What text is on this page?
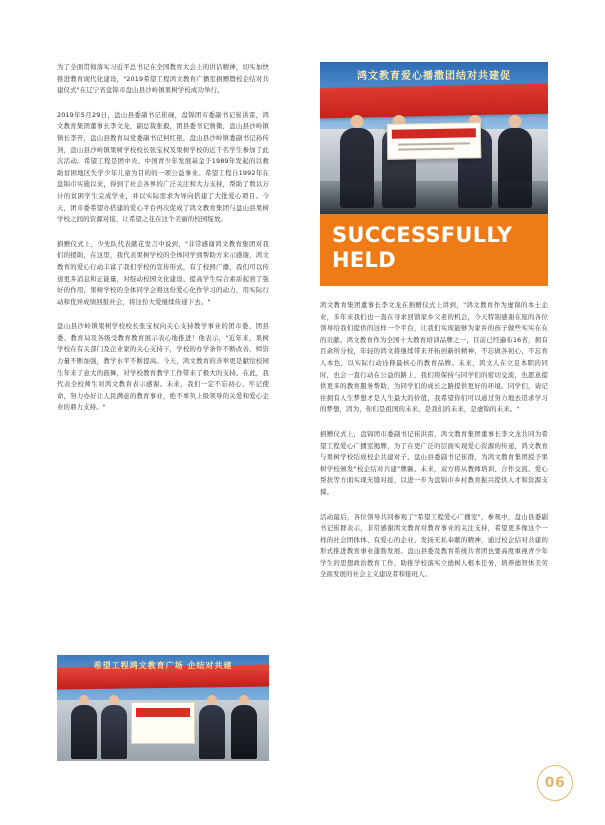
为了全面贯彻落实习近平总书记在全国教育大会上的讲话精神，切实加快推进教育现代化建设，"2019希望工程鸿文教育广播室捐赠暨校企结对共建仪式"在辽宁省盘锦市盘山县沙岭镇果树学校成功举行。

2019年5月29日，盘山县委副书记崔碌，盘锦团市委副书记崔洪雷，鸿文教育集团董事长李文龙，副总裁张毅，团县委书记詹微，盘山县沙岭镇镇长李开，盘山县教育局党委副书记何红艳，盘山县沙岭镇委副书记孙传剑，盘山县沙岭镇果树学校校长张宝权及果树学校的近千名学生参加了此次活动。希望工程是团中央、中国青少年发展基金于1989年发起的以救助贫困地区失学少年儿童为目的的一项公益事业。希望工程自1992年在盘锦市实施以来，得到了社会各界的广泛关注和大力支持，帮助了数以万计的贫困学生完成学业，并以实际需求为导向搭建了大批爱心项目。今天，团市委希望办搭建的爱心平台再次促成了鸿文教育集团与盘山县果树学校之间的资源对接，让希望之花在这个美丽的校园绽放。

捐赠仪式上，少先队代表献花发言中说到，"非常感谢鸿文教育集团对我们的援助，在这里，我代表果树学校的全体同学到帮助方来示感谢，鸿文教育的爱心行动丰富了我们学校的宣传形式，有了校园广播，我们可以传递更多消息和正能量，对绽动校园文化建设、提高学生综合素质起到了强好的作用，果树学校的全体同学会将这份爱心化作学习的动力，用实际行动和优异成绩回报社会，将这份大爱继续传递下去。"

盘山县沙岭镇果树学校校长张宝权向关心支持教学事业的团市委、团县委、教育局及各级受教育教育展示表心地推进！他表示，"近年来，果树学校在有关部门及企业家的关心支持下，学校的办学条件不断改善，师资力量不断加强，教学水平不断提高。今天，鸿文教育的善举更是献给校园生年来了意大的鼓舞，对学校教育教学工作带来了极大的支持。在此，我代表全校师生对鸿文教育表示感谢。未来，我们一定不忘初心、牢记使命，努力办好让人民满意的教育事业，绝不辜负上级领导的关爱和爱心企业的鼎力支持。"

鸿文教育爱心播撒团结对共建促
SUCCESSFULLY
HELD

鸿文教育集团董事长李文龙在捐赠仪式上讲到，"鸿文教育作为虚锦的本土企业，多年来我们也一直在寻求回馈家乡父老的机会，今天特别感谢在座的各位领导给我们提供的这样一个平台，让我们实现能够为家乡的孩子做些实实在在的贡献。鸿文教育作为全国十大教育培训品牌之一，目前已经遍布16省，拥有百余所分校，年轻的鸿文将继续带来开拓创新的精神，不忘做各初心，不忘育人本色，以实际行动诠释最核心的教育品牌。未来，鸿文人在立足本职的同时，也会一直行动在公益的路上，我们将保持与同学们的密切交流，也愿意提供更多的教育服务帮助，为同学们的成长之路提供更好的环境。同学们，请记住拥有人生梦想才是人生最大的价值，我希望你们可以通过努力地去追求学习的梦想，因为，你们是祖国的未来，是我们的未来，是虚锦的未来。"

捐赠仪式上，盘锦团市委副书记崔洪雷，鸿文教育集团董事长李文龙共同为希望工程爱心广播室揭牌，为了在更广泛的层面实现爱心资源的传递，鸿文教育与果树学校结成校企共建对子，盘山县委副书记崔群，为鸿文教育集团授予果树学校颁发"校企结对共建"牌匾。未来，双方将从教师培训、合作交流、爱心帮扶等方面实现无缝对接，以进一步为盘锦市乡村教育振兴提供人才和资源支撑。

活动最后，各位领导共同参观了"希望工程爱心广播室"，参观中，盘山县委副书记崔群表示，非常感谢鸿文教育对教育事业的关注支持，希望更多像这个一样的社会团体体、有爱心的企业、发扬无私奉献的精神，通过校企结对共建的形式推进教育事业蓬勃发展。盘山县委及教育系统共青团也要高度重视青少年学生的思想政治教育工作，助推学校落实立德树人根本任务，培养德智体美劳全面发展的社会主义建设者和接班人。

希望工程鸿文教育广场 企结对共建
06
